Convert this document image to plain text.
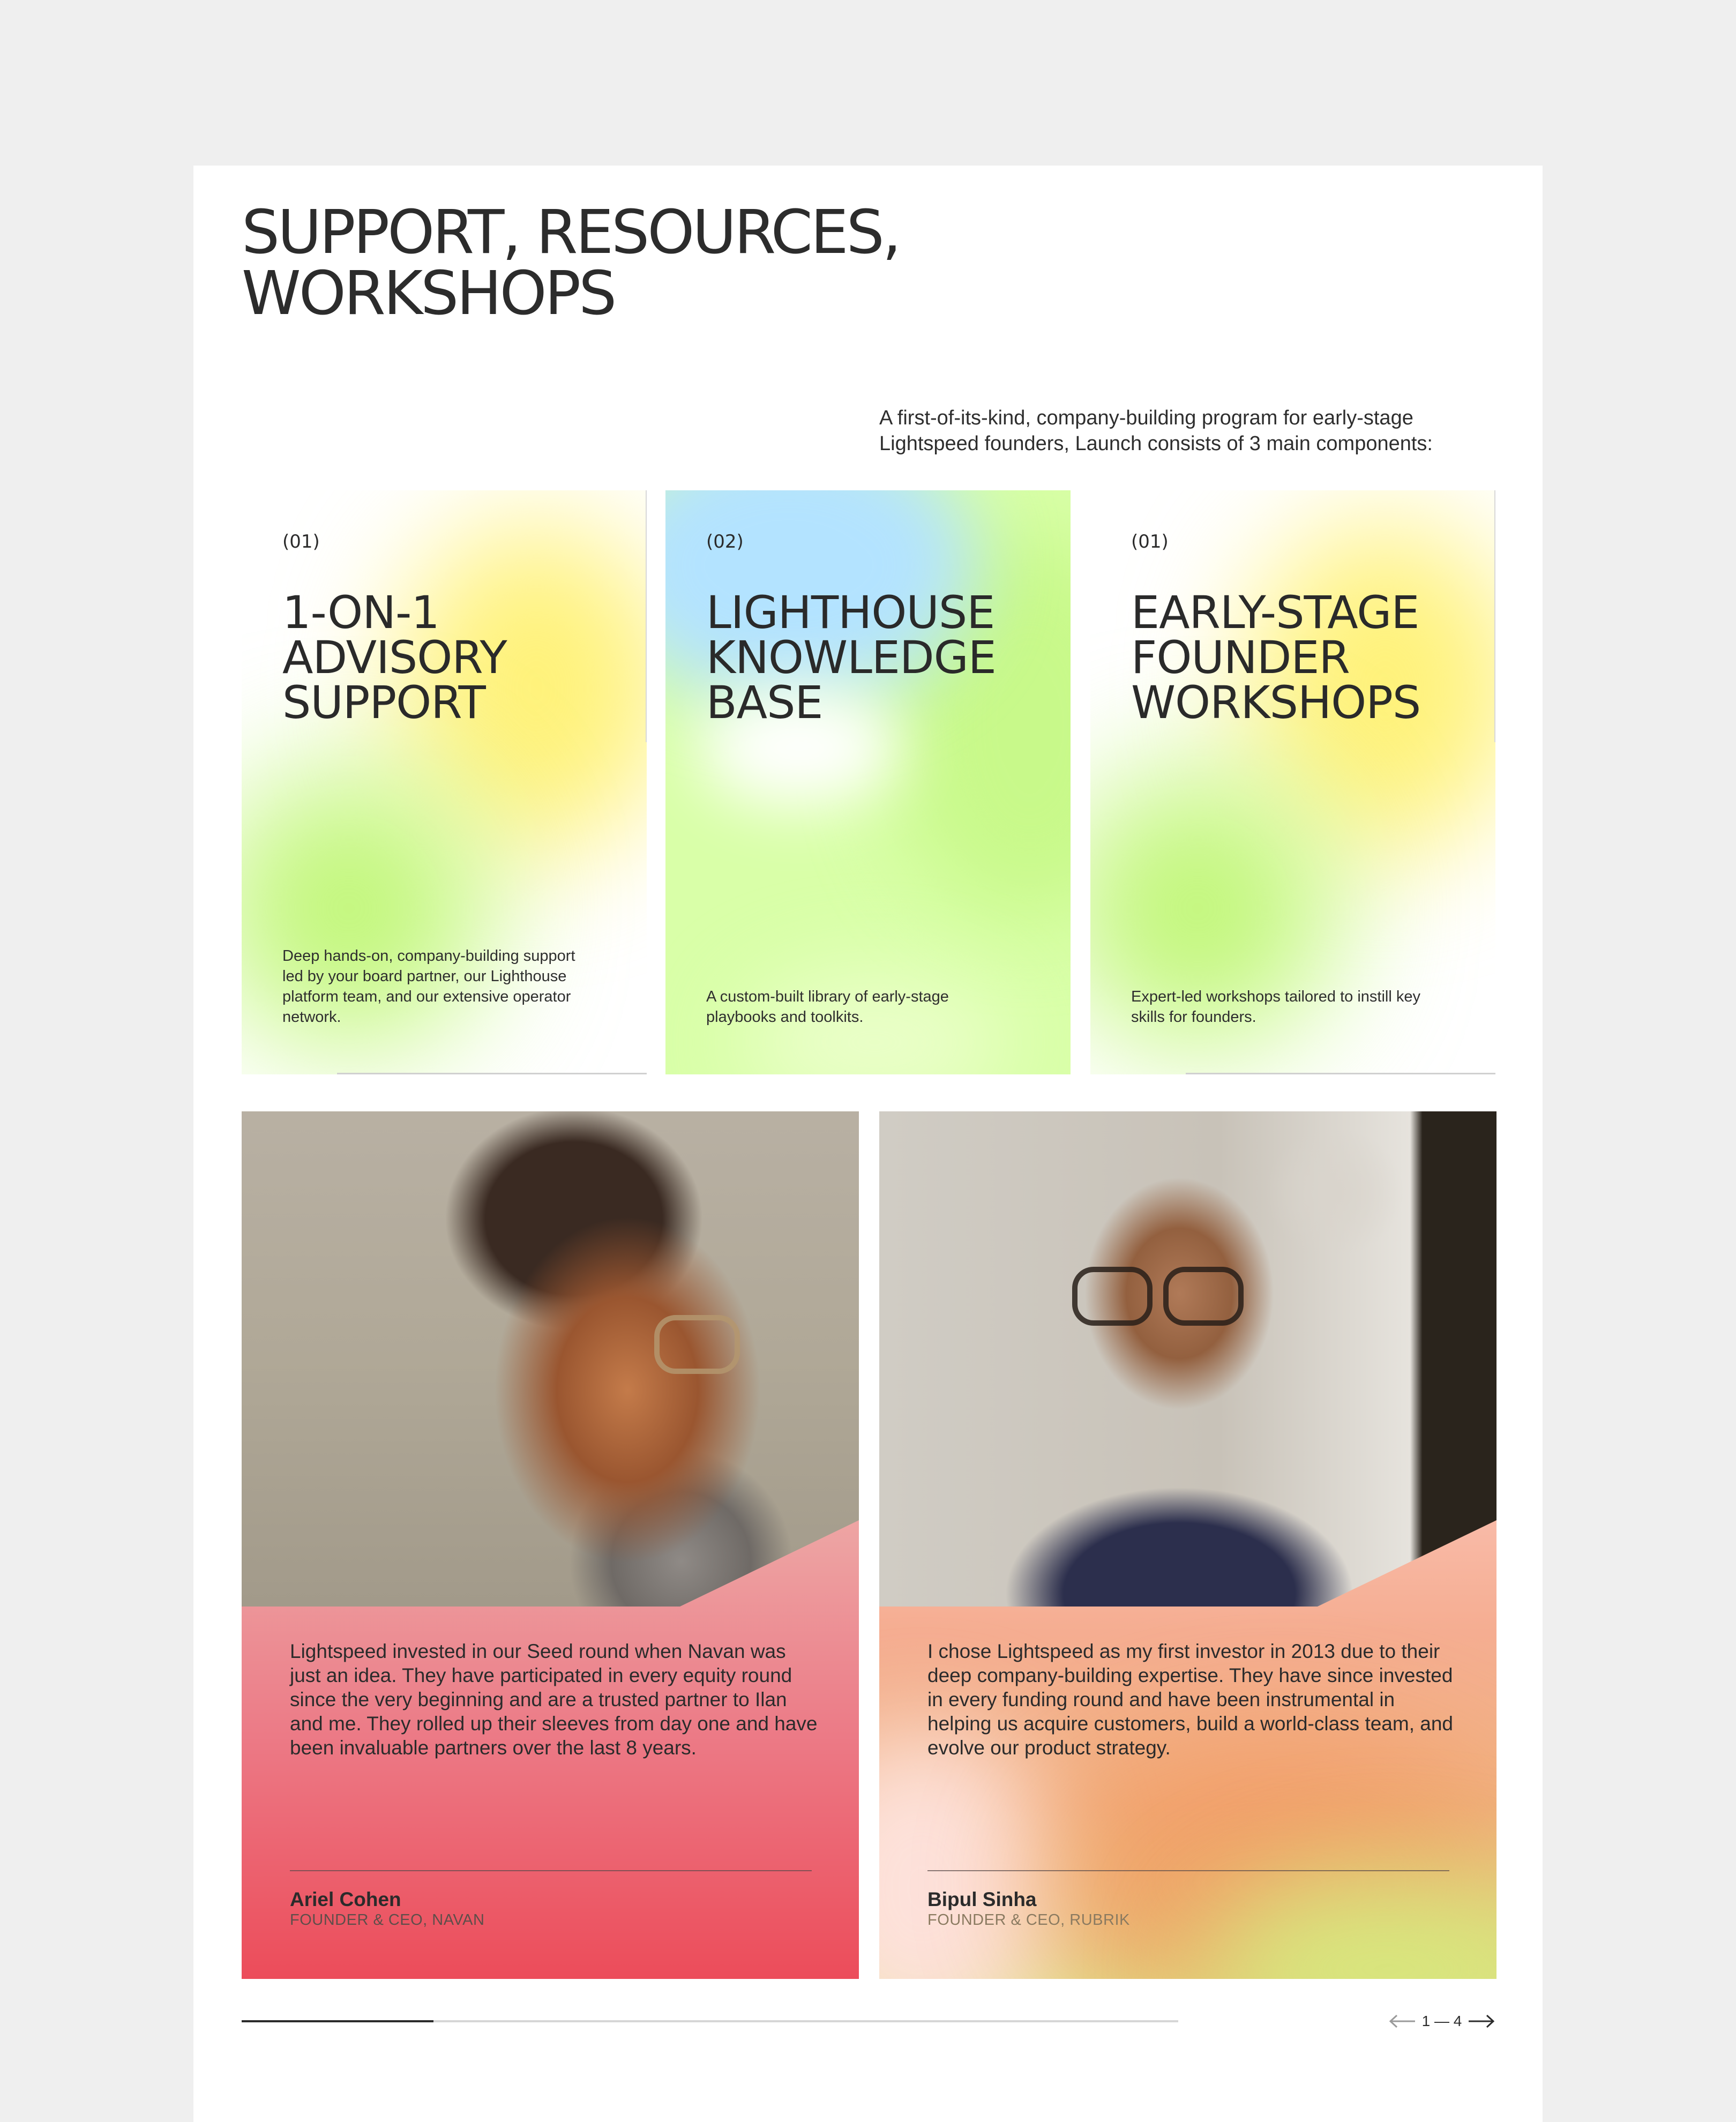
SUPPORT, RESOURCES,
WORKSHOPS

A first-of-its-kind, company-building program for early-stage Lightspeed founders, Launch consists of 3 main components:

(01)
1-ON-1
ADVISORY
SUPPORT

Deep hands-on, company-building support led by your board partner, our Lighthouse platform team, and our extensive operator network.

(02)
LIGHTHOUSE
KNOWLEDGE
BASE

A custom-built library of early-stage playbooks and toolkits.

(01)
EARLY-STAGE
FOUNDER
WORKSHOPS

Expert-led workshops tailored to instill key skills for founders.

Lightspeed invested in our Seed round when Navan was just an idea. They have participated in every equity round since the very beginning and are a trusted partner to Ilan and me. They rolled up their sleeves from day one and have been invaluable partners over the last 8 years.

Ariel Cohen
FOUNDER & CEO, NAVAN

I chose Lightspeed as my first investor in 2013 due to their deep company-building expertise. They have since invested in every funding round and have been instrumental in helping us acquire customers, build a world-class team, and evolve our product strategy.

Bipul Sinha
FOUNDER & CEO, RUBRIK
1 — 4
